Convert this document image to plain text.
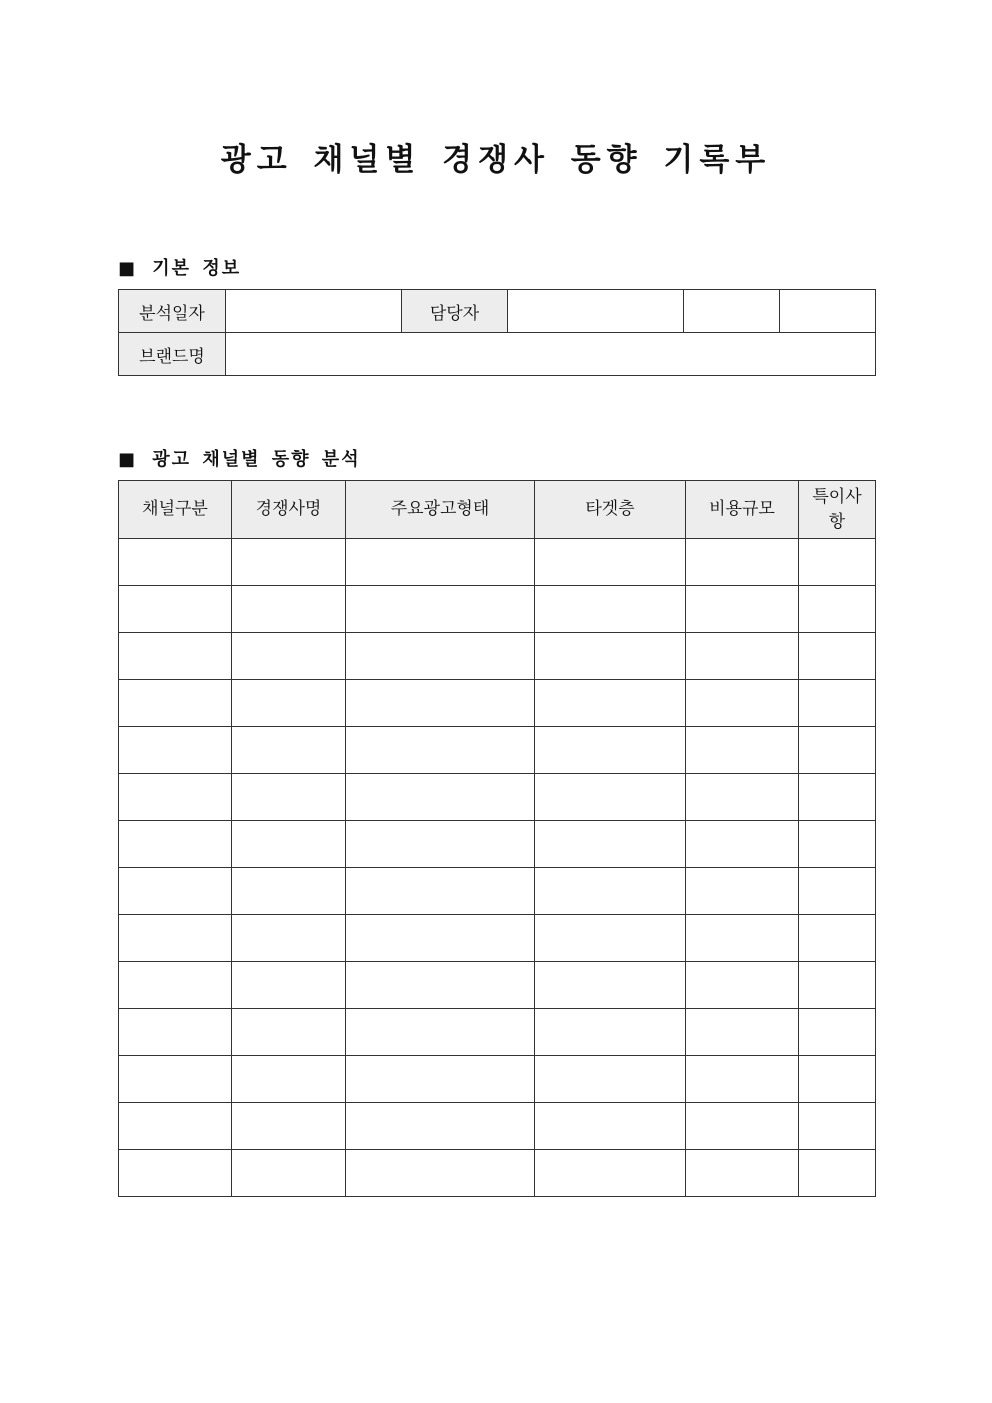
광고 채널별 경쟁사 동향 기록부
■ 기본 정보
분석일자		담당자			
브랜드명					
■ 광고 채널별 동향 분석
채널구분	경쟁사명	주요광고형태	타겟층	비용규모	특이사항
